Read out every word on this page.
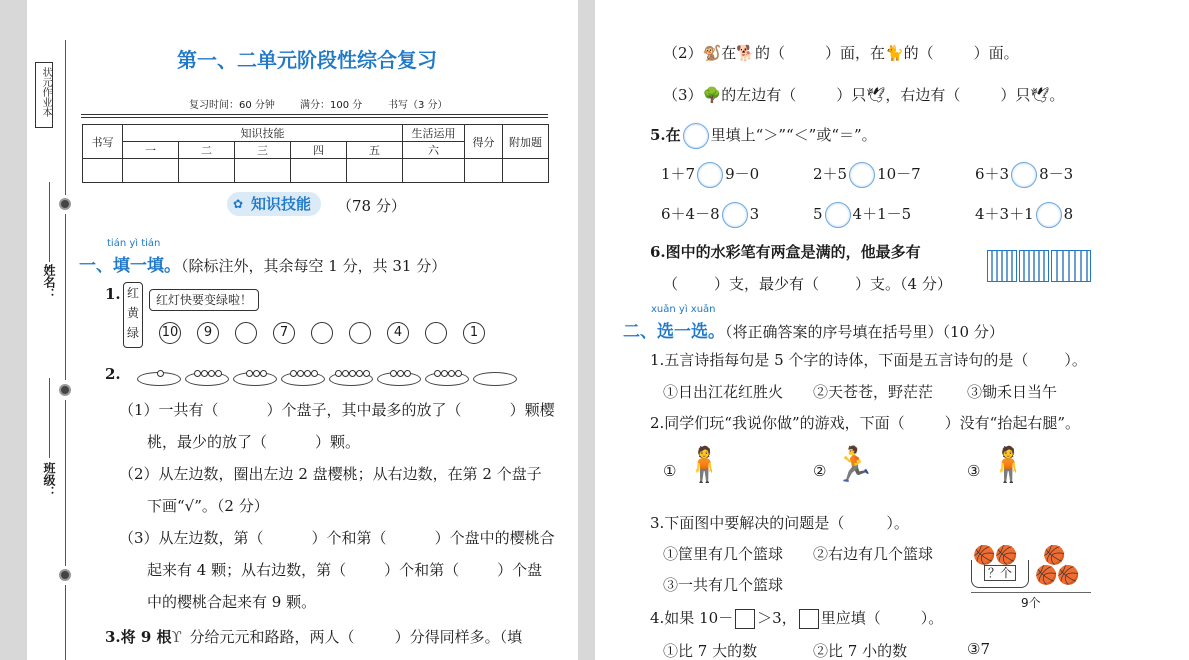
状元作业本
姓名：
班级：
第一、二单元阶段性综合复习
复习时间：60 分钟	满分：100 分	书写（3 分）
书写	知识技能					生活运用	得分	附加题
	一	二	三	四	五	六		

✿ 知识技能	（78 分）
tián yì tián
一、填一填。（除标注外，其余每空 1 分，共 31 分）
1. 红
黄
绿
红灯快要变绿啦！
10 9	7	4	1
2.
（1）一共有（	）个盘子，其中最多的放了（	）颗樱
桃，最少的放了（	）颗。
（2）从左边数，圈出左边 2 盘樱桃；从右边数，在第 2 个盘子
下画“√”。（2 分）
（3）从左边数，第（	）个和第（	）个盘中的樱桃合
起来有 4 颗；从右边数，第（	）个和第（	）个盘
中的樱桃合起来有 9 颗。
3.将 9 根ϒ 分给元元和路路，两人（	）分得同样多。（填
（2）🐒在🐕的（	）面，在🐈的（	）面。
（3）🌳的左边有（	）只🕊，右边有（	）只🕊。
5.在 里填上“＞”“＜”或“＝”。
1＋7 9－0	2＋5 10－7	6＋3 8－3
6＋4－8 3	5 4＋1－5	4＋3＋1 8
6.图中的水彩笔有两盒是满的，他最多有
（ ）支，最少有（ ）支。（4 分）
xuǎn yì xuǎn
二、选一选。（将正确答案的序号填在括号里）（10 分）
1.五言诗指每句是 5 个字的诗体，下面是五言诗句的是（ ）。
①日出江花红胜火 ②天苍苍，野茫茫 ③锄禾日当午
2.同学们玩“我说你做”的游戏，下面（	）没有“抬起右腿”。
① 🧍	② 🏃	③ 🧍
3.下面图中要解决的问题是（	）。
①筐里有几个篮球 ②右边有几个篮球
③一共有几个篮球
？个
🏀🏀 🏀
🏀🏀
9个
4.如果 10－ ＞3， 里应填（	）。
①比 7 大的数	②比 7 小的数	③7
